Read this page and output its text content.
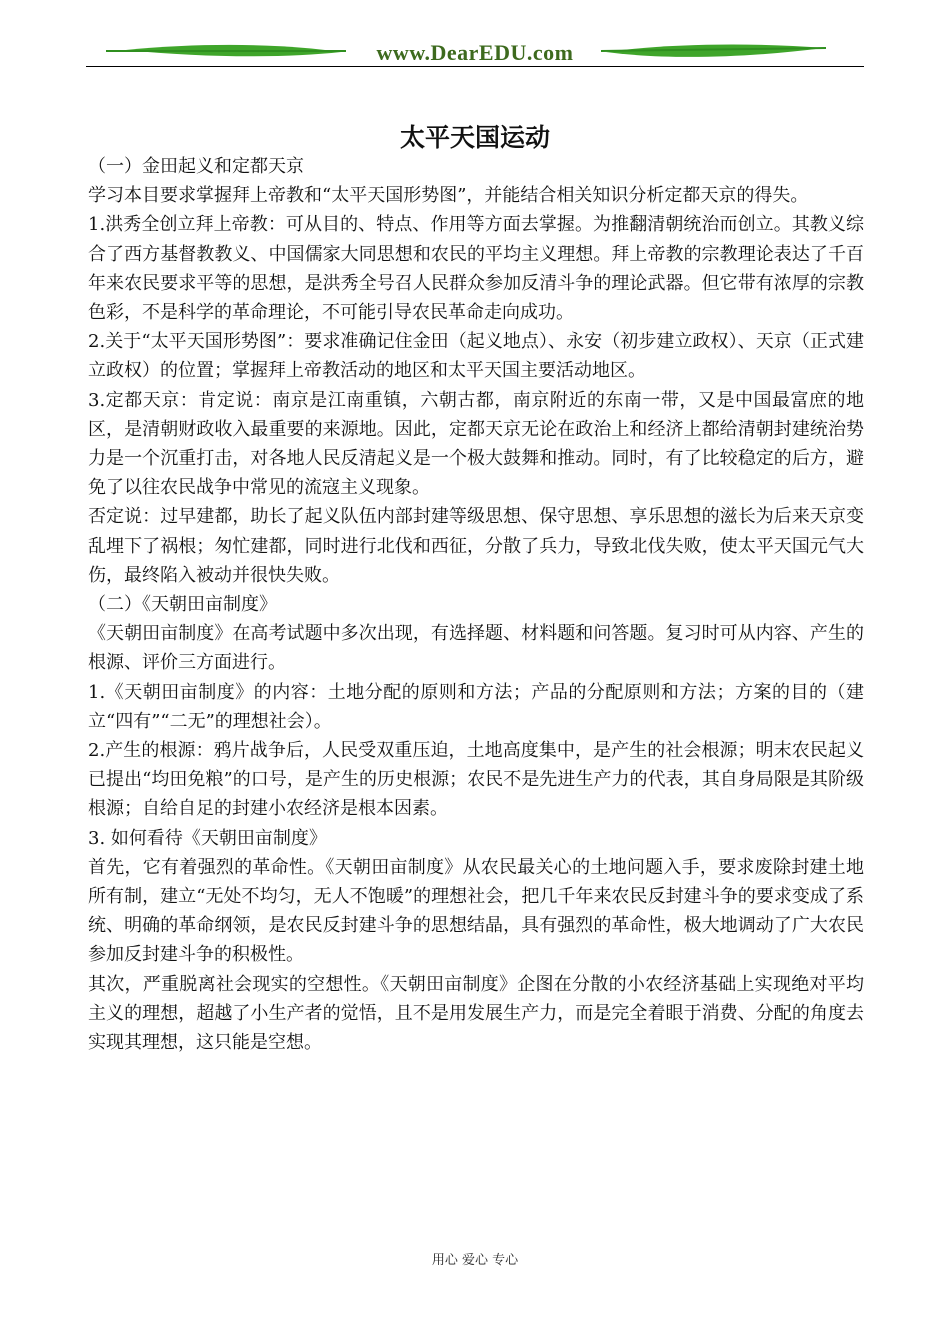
www.DearEDU.com
太平天国运动

（一）金田起义和定都天京

学习本目要求掌握拜上帝教和“太平天国形势图”，并能结合相关知识分析定都天京的得失。

1.洪秀全创立拜上帝教：可从目的、特点、作用等方面去掌握。为推翻清朝统治而创立。其教义综合了西方基督教教义、中国儒家大同思想和农民的平均主义理想。拜上帝教的宗教理论表达了千百年来农民要求平等的思想，是洪秀全号召人民群众参加反清斗争的理论武器。但它带有浓厚的宗教色彩，不是科学的革命理论，不可能引导农民革命走向成功。

2.关于“太平天国形势图”：要求准确记住金田（起义地点）、永安（初步建立政权）、天京（正式建立政权）的位置；掌握拜上帝教活动的地区和太平天国主要活动地区。

3.定都天京：肯定说：南京是江南重镇，六朝古都，南京附近的东南一带，又是中国最富庶的地区，是清朝财政收入最重要的来源地。因此，定都天京无论在政治上和经济上都给清朝封建统治势力是一个沉重打击，对各地人民反清起义是一个极大鼓舞和推动。同时，有了比较稳定的后方，避免了以往农民战争中常见的流寇主义现象。

否定说：过早建都，助长了起义队伍内部封建等级思想、保守思想、享乐思想的滋长为后来天京变乱埋下了祸根；匆忙建都，同时进行北伐和西征，分散了兵力，导致北伐失败，使太平天国元气大伤，最终陷入被动并很快失败。

（二）《天朝田亩制度》

《天朝田亩制度》在高考试题中多次出现，有选择题、材料题和问答题。复习时可从内容、产生的根源、评价三方面进行。

1.《天朝田亩制度》的内容：土地分配的原则和方法；产品的分配原则和方法；方案的目的（建立“四有”“二无”的理想社会）。

2.产生的根源：鸦片战争后，人民受双重压迫，土地高度集中，是产生的社会根源；明末农民起义已提出“均田免粮”的口号，是产生的历史根源；农民不是先进生产力的代表，其自身局限是其阶级根源；自给自足的封建小农经济是根本因素。

3. 如何看待《天朝田亩制度》

首先，它有着强烈的革命性。《天朝田亩制度》从农民最关心的土地问题入手，要求废除封建土地所有制，建立“无处不均匀，无人不饱暖”的理想社会，把几千年来农民反封建斗争的要求变成了系统、明确的革命纲领，是农民反封建斗争的思想结晶，具有强烈的革命性，极大地调动了广大农民参加反封建斗争的积极性。

其次，严重脱离社会现实的空想性。《天朝田亩制度》企图在分散的小农经济基础上实现绝对平均主义的理想，超越了小生产者的觉悟，且不是用发展生产力，而是完全着眼于消费、分配的角度去实现其理想，这只能是空想。

用心 爱心 专心
